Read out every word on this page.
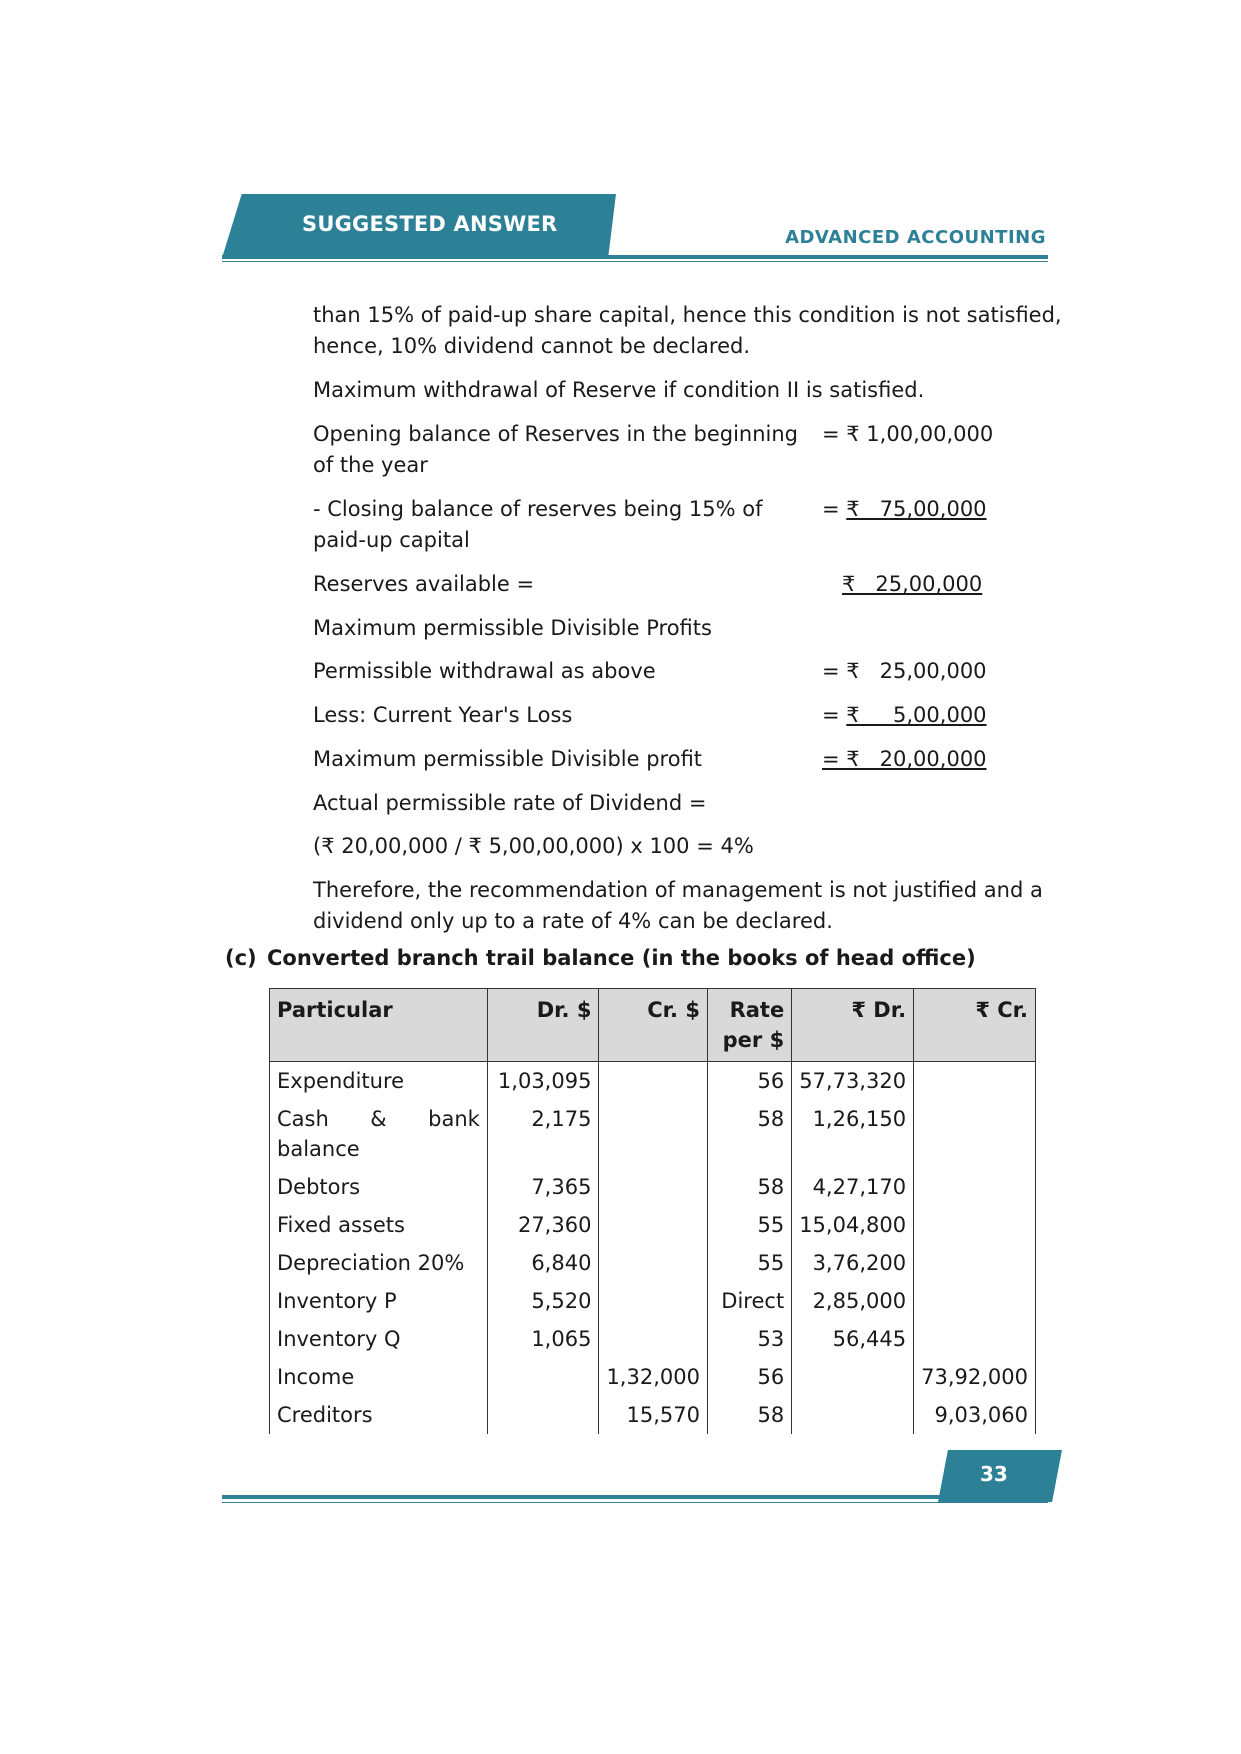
SUGGESTED ANSWER
ADVANCED ACCOUNTING
than 15% of paid-up share capital, hence this condition is not satisfied,
hence, 10% dividend cannot be declared.
Maximum withdrawal of Reserve if condition II is satisfied.
Opening balance of Reserves in the beginning
of the year
= ₹ 1,00,00,000
- Closing balance of reserves being 15% of
paid-up capital
= ₹   75,00,000
Reserves available =	₹   25,00,000
Maximum permissible Divisible Profits
Permissible withdrawal as above	= ₹   25,00,000
Less: Current Year's Loss	= ₹     5,00,000
Maximum permissible Divisible profit	= ₹   20,00,000
Actual permissible rate of Dividend =
(₹ 20,00,000 / ₹ 5,00,00,000) x 100 = 4%
Therefore, the recommendation of management is not justified and a
dividend only up to a rate of 4% can be declared.
(c) Converted branch trail balance (in the books of head office)
Particular	Dr. $	Cr. $	Rate per $	₹ Dr.	₹ Cr.
Expenditure	1,03,095		56	57,73,320	
Cash & bank balance	2,175		58	1,26,150	
Debtors	7,365		58	4,27,170	
Fixed assets	27,360		55	15,04,800	
Depreciation 20%	6,840		55	3,76,200	
Inventory P	5,520		Direct	2,85,000	
Inventory Q	1,065		53	56,445	
Income		1,32,000	56		73,92,000
Creditors		15,570	58		9,03,060
33
